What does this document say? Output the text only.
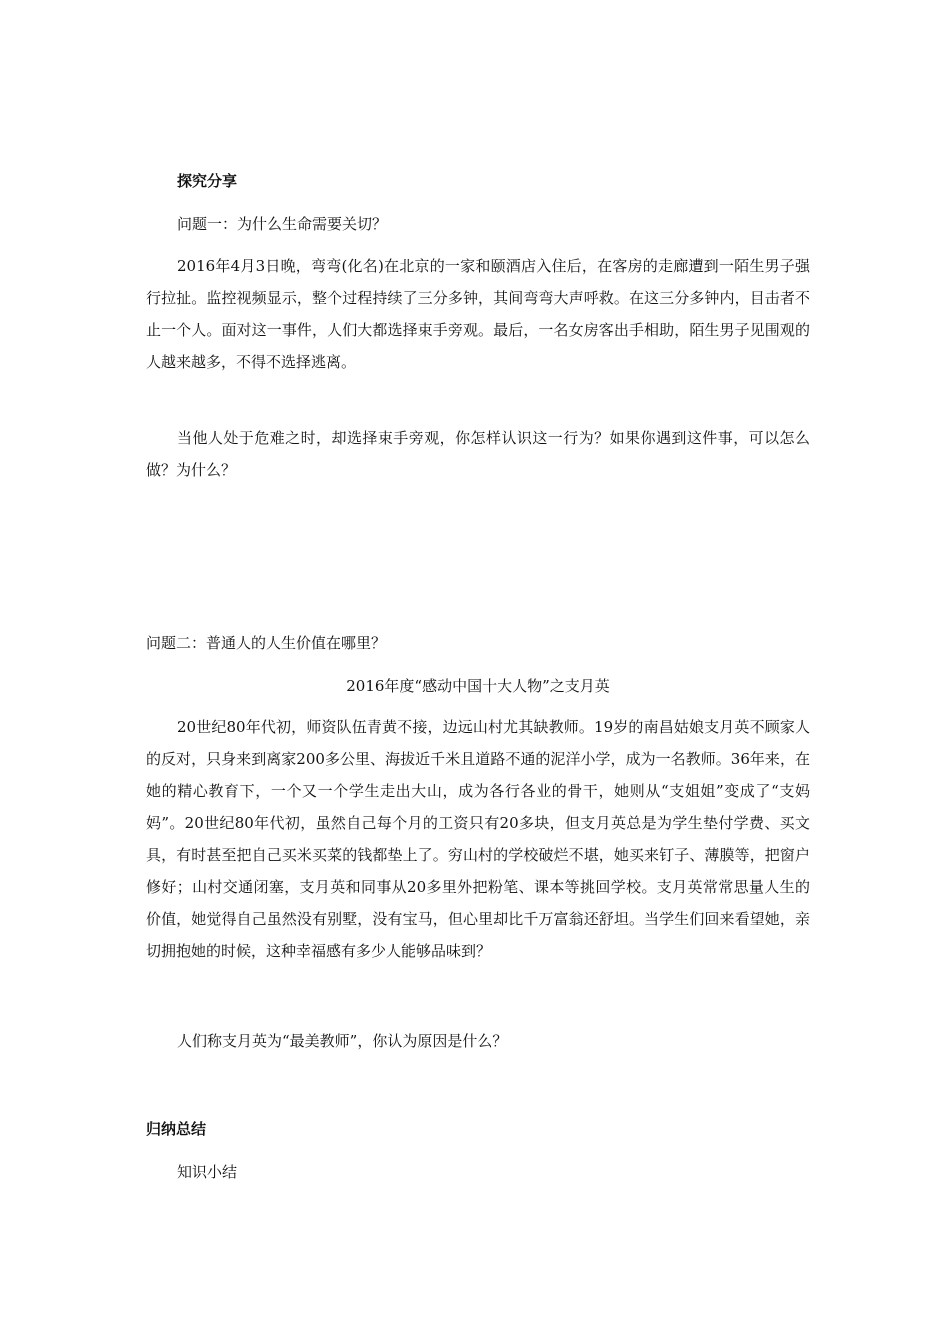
探究分享

问题一：为什么生命需要关切？

2016年4月3日晚，弯弯(化名)在北京的一家和颐酒店入住后，在客房的走廊遭到一陌生男子强行拉扯。监控视频显示，整个过程持续了三分多钟，其间弯弯大声呼救。在这三分多钟内，目击者不止一个人。面对这一事件，人们大都选择束手旁观。最后，一名女房客出手相助，陌生男子见围观的人越来越多，不得不选择逃离。

当他人处于危难之时，却选择束手旁观，你怎样认识这一行为？如果你遇到这件事，可以怎么做？为什么？

问题二：普通人的人生价值在哪里？

2016年度“感动中国十大人物”之支月英

20世纪80年代初，师资队伍青黄不接，边远山村尤其缺教师。19岁的南昌姑娘支月英不顾家人的反对，只身来到离家200多公里、海拔近千米且道路不通的泥洋小学，成为一名教师。36年来，在她的精心教育下，一个又一个学生走出大山，成为各行各业的骨干，她则从“支姐姐”变成了“支妈妈”。20世纪80年代初，虽然自己每个月的工资只有20多块，但支月英总是为学生垫付学费、买文具，有时甚至把自己买米买菜的钱都垫上了。穷山村的学校破烂不堪，她买来钉子、薄膜等，把窗户修好；山村交通闭塞，支月英和同事从20多里外把粉笔、课本等挑回学校。支月英常常思量人生的价值，她觉得自己虽然没有别墅，没有宝马，但心里却比千万富翁还舒坦。当学生们回来看望她，亲切拥抱她的时候，这种幸福感有多少人能够品味到？

人们称支月英为“最美教师”，你认为原因是什么？

归纳总结

知识小结
